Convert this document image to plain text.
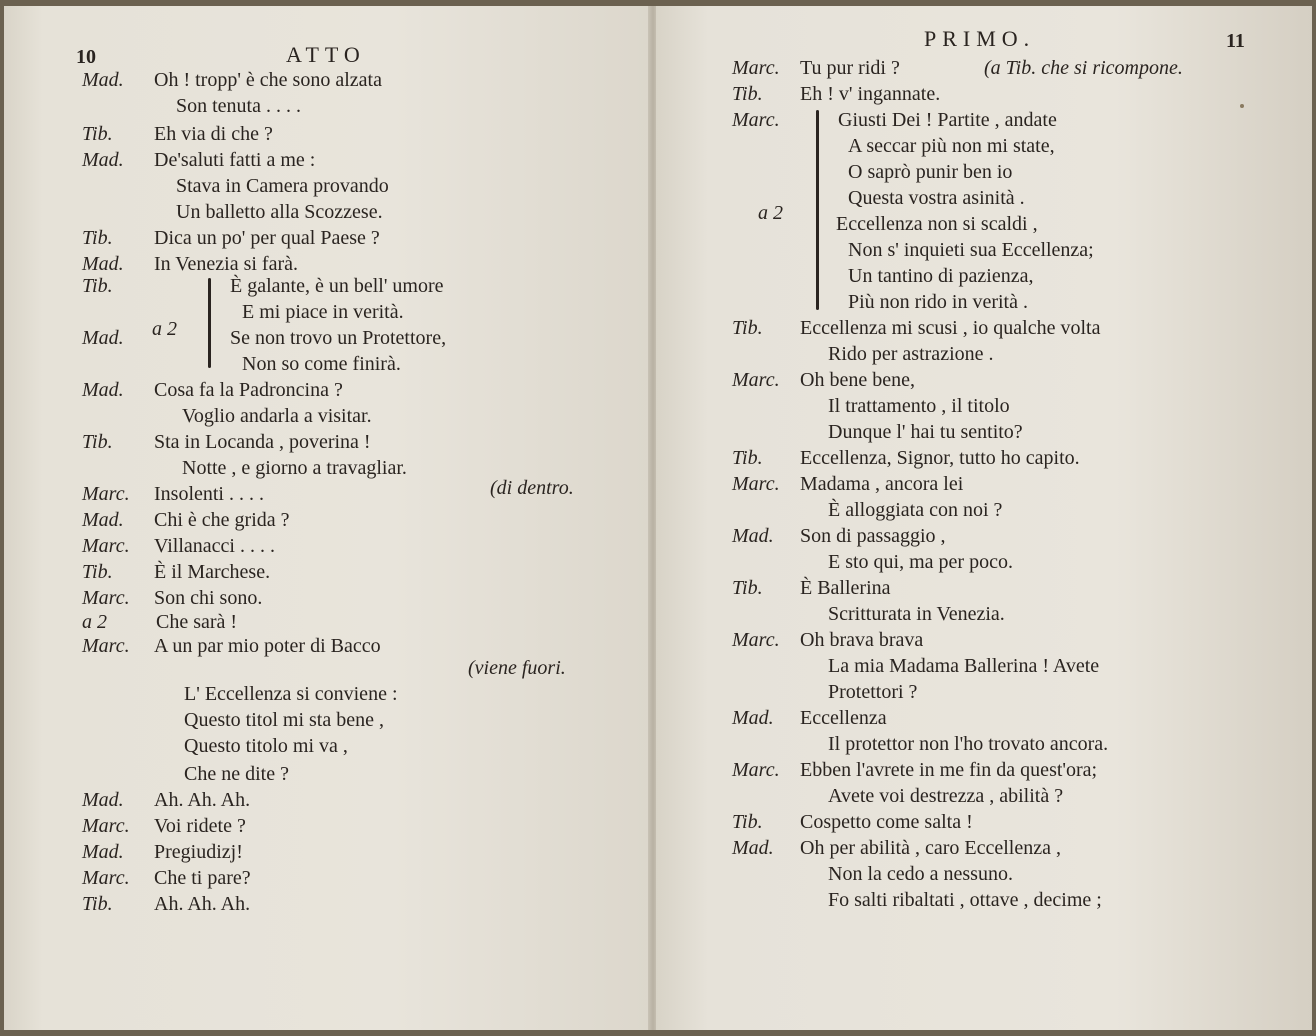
10	ATTO
Mad. Oh ! tropp' è che sono alzata
Son tenuta . . . .
Tib. Eh via di che ?
Mad. De'saluti fatti a me :
Stava in Camera provando
Un balletto alla Scozzese.
Tib. Dica un po' per qual Paese ?
Mad. In Venezia si farà.
Tib.	È galante, è un bell' umore
E mi piace in verità.
Mad.	Se non trovo un Protettore,
Non so come finirà.
Mad. Cosa fa la Padroncina ?
Voglio andarla a visitar.
Tib. Sta in Locanda , poverina !
Notte , e giorno a travagliar.
Marc. Insolenti . . . .
Mad. Chi è che grida ?
Marc. Villanacci . . . .
Tib. È il Marchese.
Marc. Son chi sono.
a 2 Che sarà !
Marc. A un par mio poter di Bacco
L' Eccellenza si conviene :
Questo titol mi sta bene ,
Questo titolo mi va ,
Che ne dite ?
Mad. Ah. Ah. Ah.
Marc. Voi ridete ?
Mad. Pregiudizj!
Marc. Che ti pare?
Tib. Ah. Ah. Ah.
(di dentro.
(viene fuori.
a 2
PRIMO.	11
Marc. Tu pur ridi ?	(a Tib. che si ricompone.
Tib. Eh ! v' ingannate.
Marc.	Giusti Dei ! Partite , andate
A seccar più non mi state,
O saprò punir ben io
Questa vostra asinità .
Eccellenza non si scaldi ,
Non s' inquieti sua Eccellenza;
Un tantino di pazienza,
Più non rido in verità .
Tib. Eccellenza mi scusi , io qualche volta
Rido per astrazione .
Marc. Oh bene bene,
Il trattamento , il titolo
Dunque l' hai tu sentito?
Tib. Eccellenza, Signor, tutto ho capito.
Marc. Madama , ancora lei
È alloggiata con noi ?
Mad. Son di passaggio ,
E sto qui, ma per poco.
Tib. È Ballerina
Scritturata in Venezia.
Marc. Oh brava brava
La mia Madama Ballerina ! Avete
Protettori ?
Mad. Eccellenza
Il protettor non l'ho trovato ancora.
Marc. Ebben l'avrete in me fin da quest'ora;
Avete voi destrezza , abilità ?
Tib. Cospetto come salta !
Mad. Oh per abilità , caro Eccellenza ,
Non la cedo a nessuno.
Fo salti ribaltati , ottave , decime ;
a 2
